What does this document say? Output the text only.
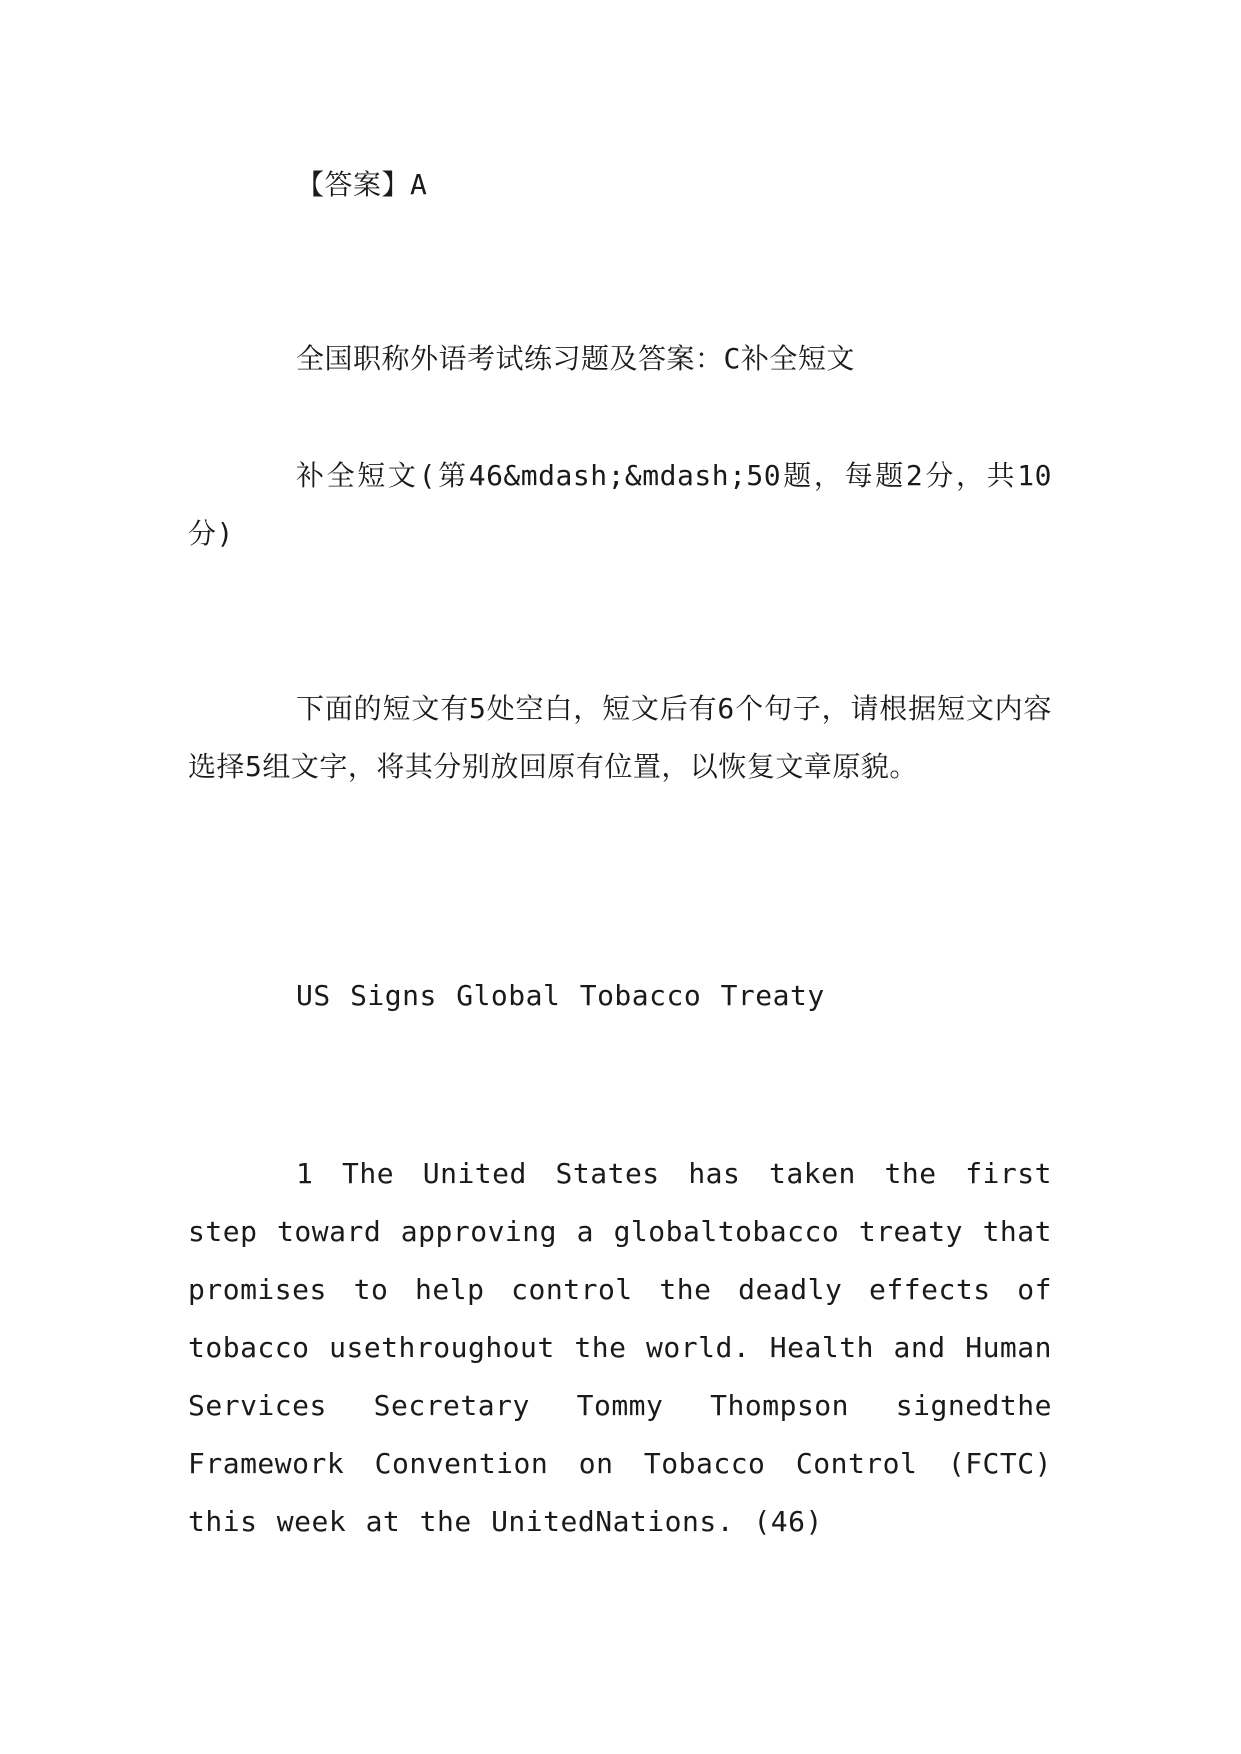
【答案】A

全国职称外语考试练习题及答案：C补全短文

补全短文(第46&mdash;&mdash;50题，每题2分，共10分)

下面的短文有5处空白，短文后有6个句子，请根据短文内容选择5组文字，将其分别放回原有位置，以恢复文章原貌。

US Signs Global Tobacco Treaty

1 The United States has taken the first step toward approving a globaltobacco treaty that promises to help control the deadly effects of tobacco usethroughout the world. Health and Human Services Secretary Tommy Thompson signedthe Framework Convention on Tobacco Control (FCTC) this week at the UnitedNations. (46)
